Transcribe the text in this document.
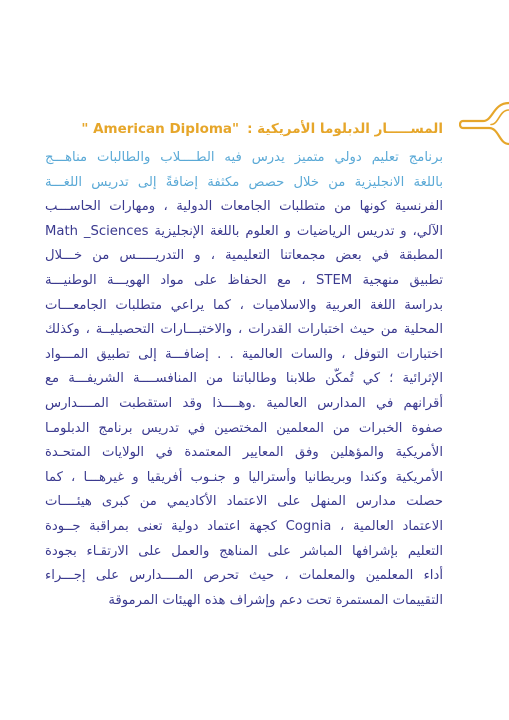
المســـــار الدبلوما الأمريكية :" American Diploma"
برنامج تعليم دولي متميز يدرس فيه الطــــلاب والطالبات مناهـــج
باللغة الانجليزية من خلال حصص مكثفة إضافةً إلى تدريس اللغـــة
الفرنسية كونها من متطلبات الجامعات الدولية ، ومهارات الحاســـب
الآلي، و تدريس الرياضيات و العلوم باللغة الإنجليزية Math _Sciences
المطبقة في بعض مجمعاتنا التعليمية ، و التدريـــــس من خـــلال
تطبيق منهجية STEM ، مع الحفاظ على مواد الهويـــة الوطنيـــة
بدراسة اللغة العربية والاسلاميات ، كما يراعي متطلبات الجامعـــات
المحلية من حيث اختبارات القدرات ، والاختبـــارات التحصيليــة ، وكذلك
اختبارات التوفل ، والسات العالمية . . إضافـــة إلى تطبيق المـــواد
الإثرائية ؛ كي تُمكّن طلابنا وطالباتنا من المنافســــة الشريفـــة مع
أقرانهم في المدارس العالمية .وهــــذا وقد استقطبت المــــدارس
صفوة الخبرات من المعلمين المختصين في تدريس برنامج الدبلومـا
الأمريكية والمؤهلين وفق المعايير المعتمدة في الولايات المتحـدة
الأمريكية وكندا وبريطانيا وأستراليا و جنـوب أفريقيا و غيرهـــا ، كما
حصلت مدارس المنهل على الاعتماد الأكاديمي من كبرى هيئــــات
الاعتماد العالمية ، Cognia كجهة اعتماد دولية تعنى بمراقبة جــودة
التعليم بإشرافها المباشر على المناهج والعمل على الارتقـاء بجودة
أداء المعلمين والمعلمات ، حيث تحرص المــــدارس على إجـــراء
التقييمات المستمرة تحت دعم وإشراف هذه الهيئات المرموقة
